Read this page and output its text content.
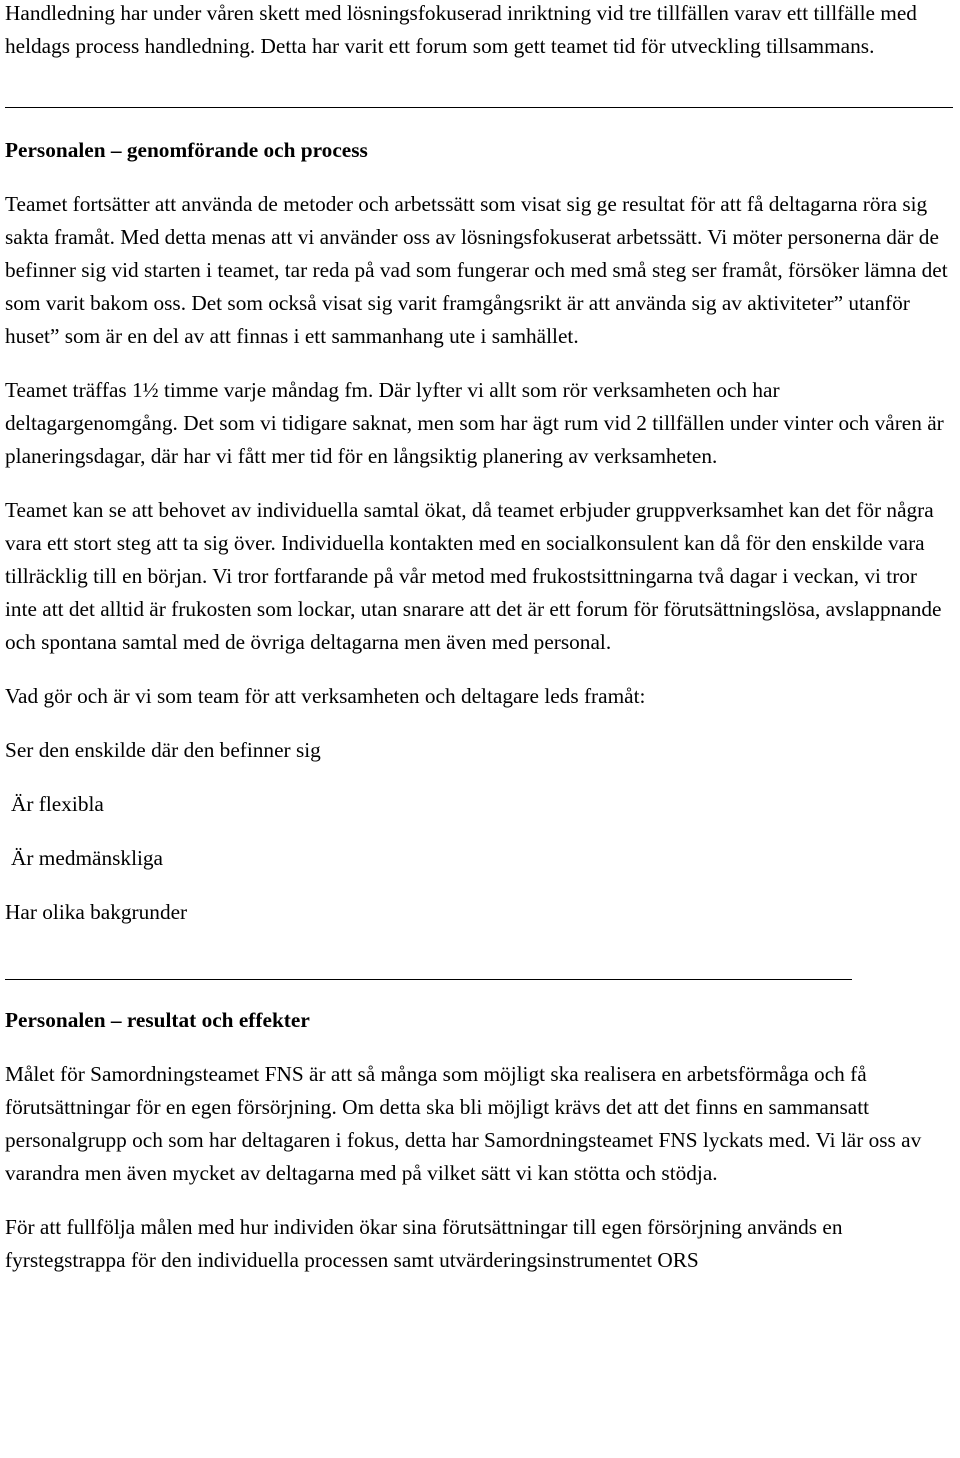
Handledning har under våren skett med lösningsfokuserad inriktning vid tre tillfällen varav ett tillfälle med heldags process handledning. Detta har varit ett forum som gett teamet tid för utveckling tillsammans.

Personalen – genomförande och process

Teamet fortsätter att använda de metoder och arbetssätt som visat sig ge resultat för att få deltagarna röra sig sakta framåt. Med detta menas att vi använder oss av lösningsfokuserat arbetssätt. Vi möter personerna där de befinner sig vid starten i teamet, tar reda på vad som fungerar och med små steg ser framåt, försöker lämna det som varit bakom oss. Det som också visat sig varit framgångsrikt är att använda sig av aktiviteter” utanför huset” som är en del av att finnas i ett sammanhang ute i samhället.

Teamet träffas 1½ timme varje måndag fm. Där lyfter vi allt som rör verksamheten och har deltagargenomgång. Det som vi tidigare saknat, men som har ägt rum vid 2 tillfällen under vinter och våren är planeringsdagar, där har vi fått mer tid för en långsiktig planering av verksamheten.

Teamet kan se att behovet av individuella samtal ökat, då teamet erbjuder gruppverksamhet kan det för några vara ett stort steg att ta sig över. Individuella kontakten med en socialkonsulent kan då för den enskilde vara tillräcklig till en början. Vi tror fortfarande på vår metod med frukostsittningarna två dagar i veckan, vi tror inte att det alltid är frukosten som lockar, utan snarare att det är ett forum för förutsättningslösa, avslappnande och spontana samtal med de övriga deltagarna men även med personal.

Vad gör och är vi som team för att verksamheten och deltagare leds framåt:

Ser den enskilde där den befinner sig

Är flexibla

Är medmänskliga

Har olika bakgrunder

Personalen – resultat och effekter

Målet för Samordningsteamet FNS är att så många som möjligt ska realisera en arbetsförmåga och få förutsättningar för en egen försörjning. Om detta ska bli möjligt krävs det att det finns en sammansatt personalgrupp och som har deltagaren i fokus, detta har Samordningsteamet FNS lyckats med. Vi lär oss av varandra men även mycket av deltagarna med på vilket sätt vi kan stötta och stödja.

För att fullfölja målen med hur individen ökar sina förutsättningar till egen försörjning används en fyrstegstrappa för den individuella processen samt utvärderingsinstrumentet ORS
